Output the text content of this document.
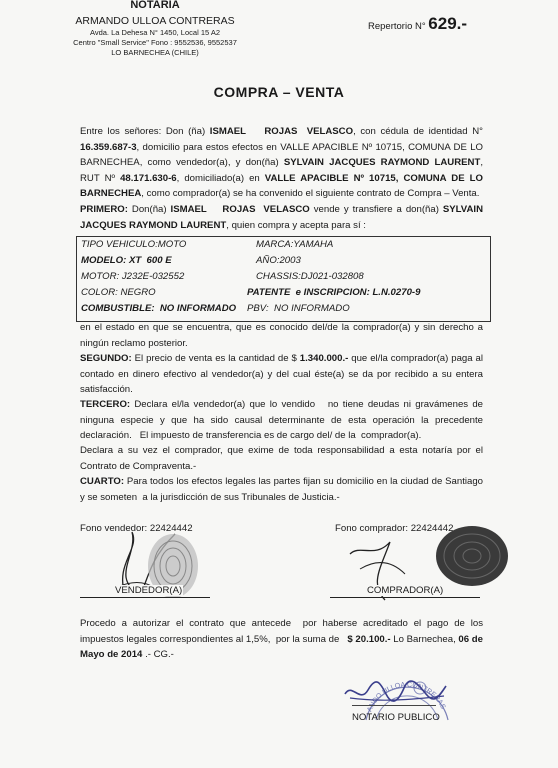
NOTARIA
ARMANDO ULLOA CONTRERAS
Avda. La Dehesa N° 1450, Local 15 A2
Centro "Small Service" Fono : 9552536, 9552537
LO BARNECHEA (CHILE)
Repertorio N° 629.-
COMPRA – VENTA
Entre los señores: Don (ña) ISMAEL    ROJAS  VELASCO, con cédula de identidad N° 16.359.687-3, domicilio para estos efectos en VALLE APACIBLE Nº 10715, COMUNA DE LO BARNECHEA, como vendedor(a), y don(ña) SYLVAIN JACQUES RAYMOND LAURENT, RUT Nº 48.171.630-6, domiciliado(a) en VALLE APACIBLE Nº 10715, COMUNA DE LO BARNECHEA, como comprador(a) se ha convenido el siguiente contrato de Compra – Venta.
PRIMERO: Don(ña) ISMAEL    ROJAS  VELASCO vende y transfiere a don(ña) SYLVAIN JACQUES RAYMOND LAURENT, quien compra y acepta para sí :
TIPO VEHICULO:MOTO	MARCA:YAMAHA
MODELO: XT  600 E	AÑO:2003
MOTOR: J232E-032552	CHASSIS:DJ021-032808
COLOR: NEGRO	PATENTE  e INSCRIPCION: L.N.0270-9
COMBUSTIBLE:  NO INFORMADO PBV:  NO INFORMADO
en el estado en que se encuentra, que es conocido del/de la comprador(a) y sin derecho a ningún reclamo posterior.
SEGUNDO: El precio de venta es la cantidad de $ 1.340.000.- que el/la comprador(a) paga al contado en dinero efectivo al vendedor(a) y del cual éste(a) se da por recibido a su entera satisfacción.
TERCERO: Declara el/la vendedor(a) que lo vendido   no tiene deudas ni gravámenes de ninguna especie y que ha sido causal determinante de esta operación la precedente declaración.   El impuesto de transferencia es de cargo del/ de la  comprador(a).
Declara a su vez el comprador, que exime de toda responsabilidad a esta notaría por el Contrato de Compraventa.-
CUARTO: Para todos los efectos legales las partes fijan su domicilio en la ciudad de Santiago y se someten  a la jurisdicción de sus Tribunales de Justicia.-
Fono vendedor: 22424442	Fono comprador: 22424442
VENDEDOR(A)	COMPRADOR(A)
Procedo a autorizar el contrato que antecede  por haberse acreditado el pago de los impuestos legales correspondientes al 1,5%,  por la suma de   $ 20.100.- Lo Barnechea, 06 de Mayo de 2014 .- CG.-
ANDO ULLOA CONTRERAS
NOTARIO PUBLICO
